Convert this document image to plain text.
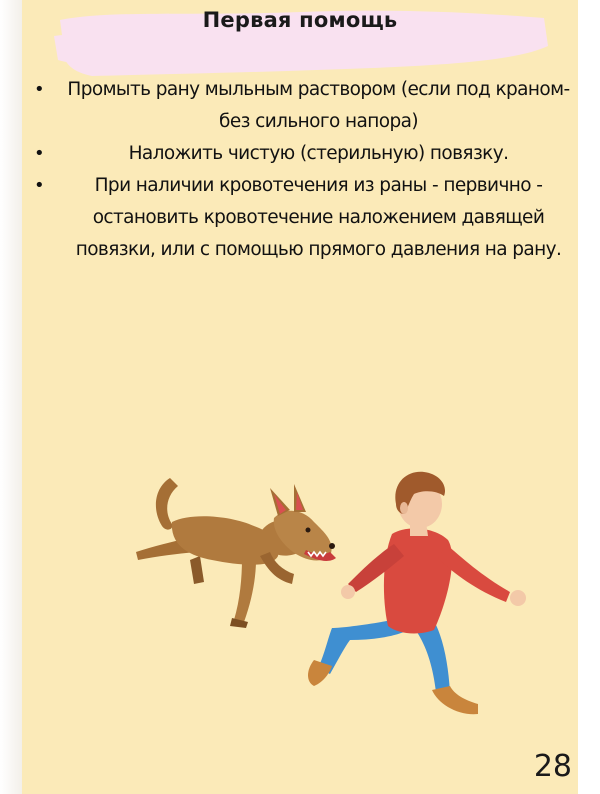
Первая помощь
• Промыть рану мыльным раствором (если под краном-без сильного напора)
•	Наложить чистую (стерильную) повязку.
•	При наличии кровотечения из раны - первично - остановить кровотечение наложением давящей повязки, или с помощью прямого давления на рану.
28
